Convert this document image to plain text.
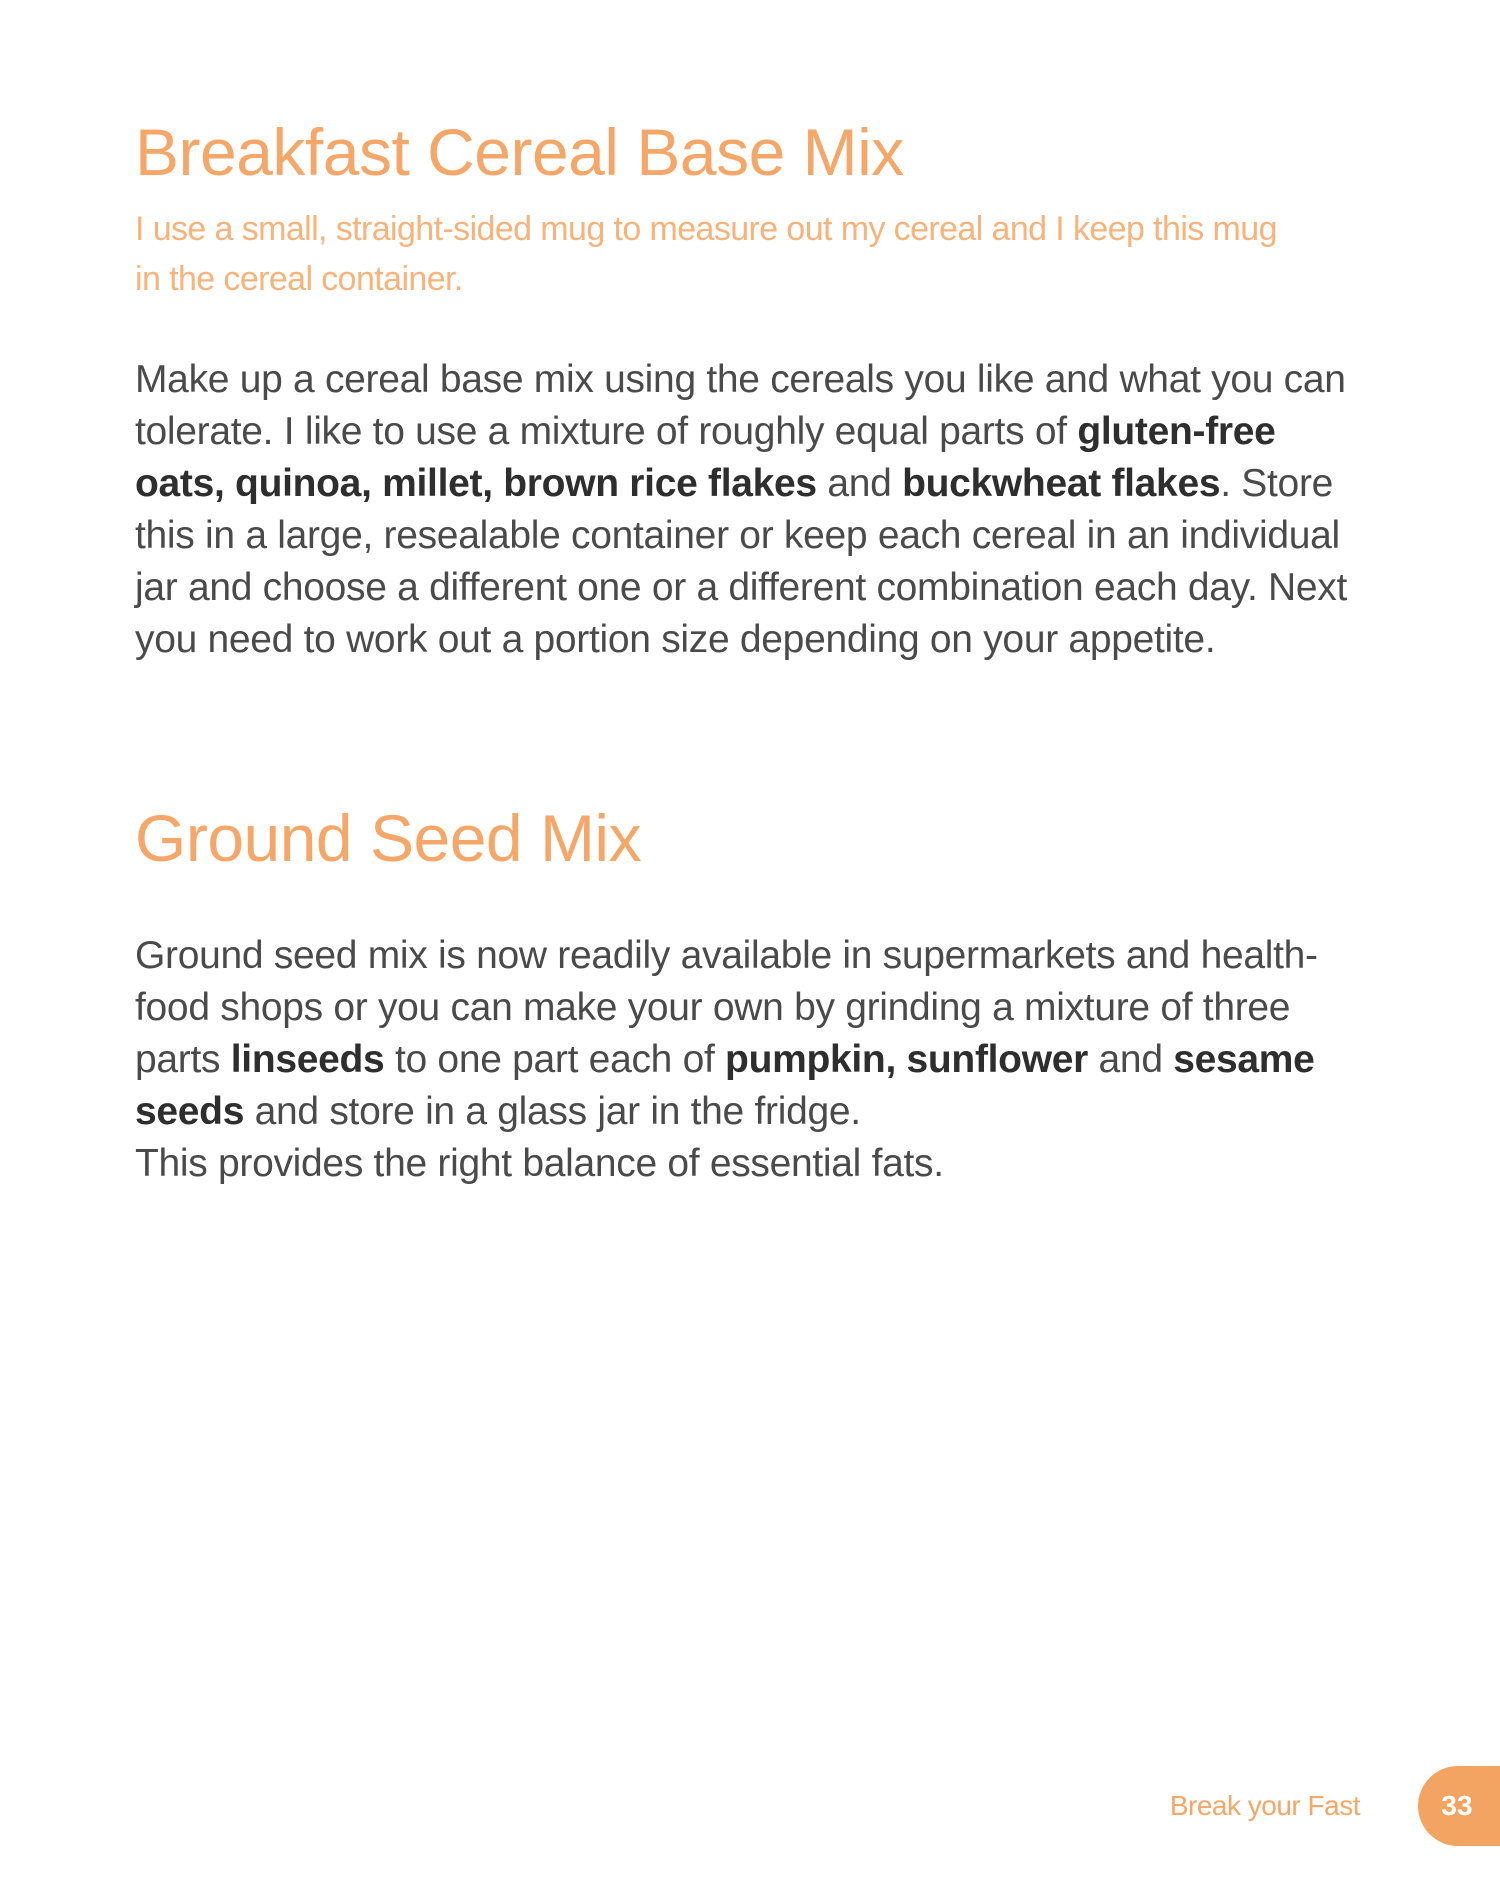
Breakfast Cereal Base Mix

I use a small, straight-sided mug to measure out my cereal and I keep this mug in the cereal container.

Make up a cereal base mix using the cereals you like and what you can tolerate. I like to use a mixture of roughly equal parts of gluten-free oats, quinoa, millet, brown rice flakes and buckwheat flakes. Store this in a large, resealable container or keep each cereal in an individual jar and choose a different one or a different combination each day. Next you need to work out a portion size depending on your appetite.

Ground Seed Mix

Ground seed mix is now readily available in supermarkets and health-food shops or you can make your own by grinding a mixture of three parts linseeds to one part each of pumpkin, sunflower and sesame seeds and store in a glass jar in the fridge.
This provides the right balance of essential fats.

Break your Fast	33
